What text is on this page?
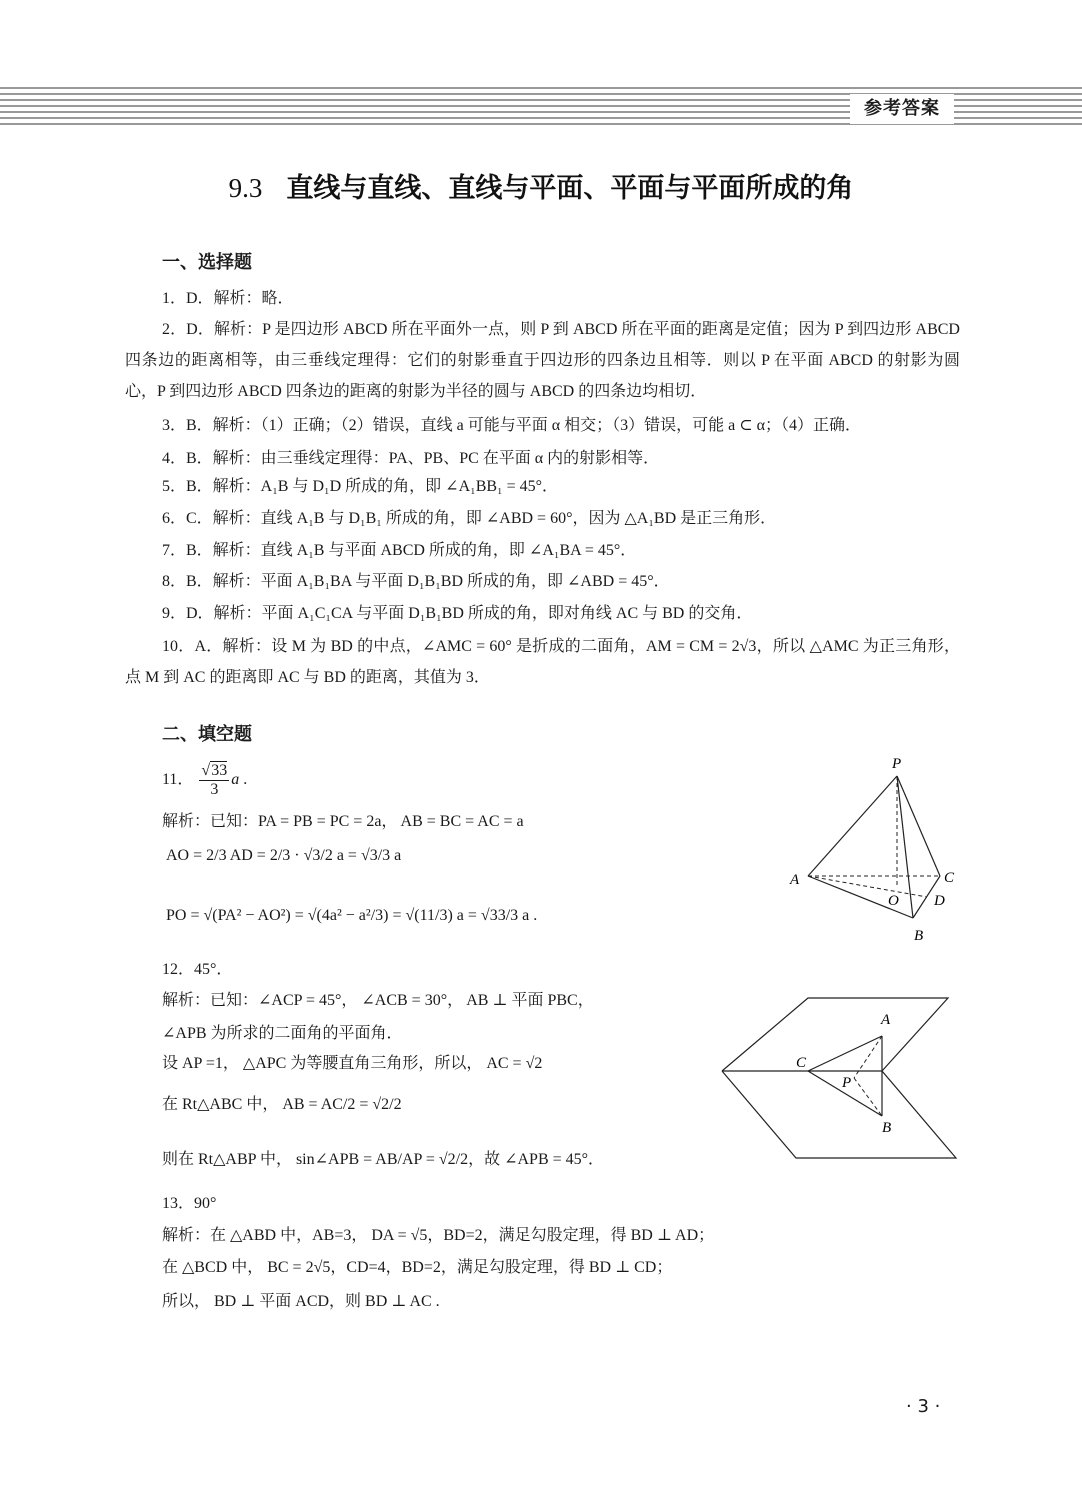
参考答案
9.3 直线与直线、直线与平面、平面与平面所成的角
一、选择题
1．D．解析：略．
2．D．解析：P 是四边形 ABCD 所在平面外一点，则 P 到 ABCD 所在平面的距离是定值；因为 P 到四边形 ABCD 四条边的距离相等，由三垂线定理得：它们的射影垂直于四边形的四条边且相等．则以 P 在平面 ABCD 的射影为圆心，P 到四边形 ABCD 四条边的距离的射影为半径的圆与 ABCD 的四条边均相切．
3．B．解析：（1）正确；（2）错误，直线 a 可能与平面 α 相交；（3）错误，可能 a ⊂ α；（4）正确．
4．B．解析：由三垂线定理得：PA、PB、PC 在平面 α 内的射影相等．
5．B．解析：A₁B 与 D₁D 所成的角，即 ∠A₁BB₁ = 45°．
6．C．解析：直线 A₁B 与 D₁B₁ 所成的角，即 ∠ABD = 60°，因为 △A₁BD 是正三角形．
7．B．解析：直线 A₁B 与平面 ABCD 所成的角，即 ∠A₁BA = 45°．
8．B．解析：平面 A₁B₁BA 与平面 D₁B₁BD 所成的角，即 ∠ABD = 45°．
9．D．解析：平面 A₁C₁CA 与平面 D₁B₁BD 所成的角，即对角线 AC 与 BD 的交角．
10．A．解析：设 M 为 BD 的中点，∠AMC = 60° 是折成的二面角，AM = CM = 2√3，所以 △AMC 为正三角形，点 M 到 AC 的距离即 AC 与 BD 的距离，其值为 3．
二、填空题
11． $\frac{√33}{3}$ a .
解析：已知：PA = PB = PC = 2a， AB = BC = AC = a
AO = 2/3 AD = 2/3 · √3/2 a = √3/3 a
PO = √(PA² − AO²) = √(4a² − a²/3) = √(11/3) a = √33/3 a .
P
A	C
O D
B
12．45°．
解析：已知：∠ACP = 45°， ∠ACB = 30°， AB ⊥ 平面 PBC，
∠APB 为所求的二面角的平面角．
设 AP =1， △APC 为等腰直角三角形，所以， AC = √2
在 Rt△ABC 中， AB = AC/2 = √2/2
则在 Rt△ABP 中， sin∠APB = AB/AP = √2/2，故 ∠APB = 45°．
A
C
P
B
13．90°
解析：在 △ABD 中，AB=3， DA = √5，BD=2，满足勾股定理，得 BD ⊥ AD；
在 △BCD 中， BC = 2√5，CD=4，BD=2，满足勾股定理，得 BD ⊥ CD；
所以， BD ⊥ 平面 ACD，则 BD ⊥ AC .
· 3 ·
